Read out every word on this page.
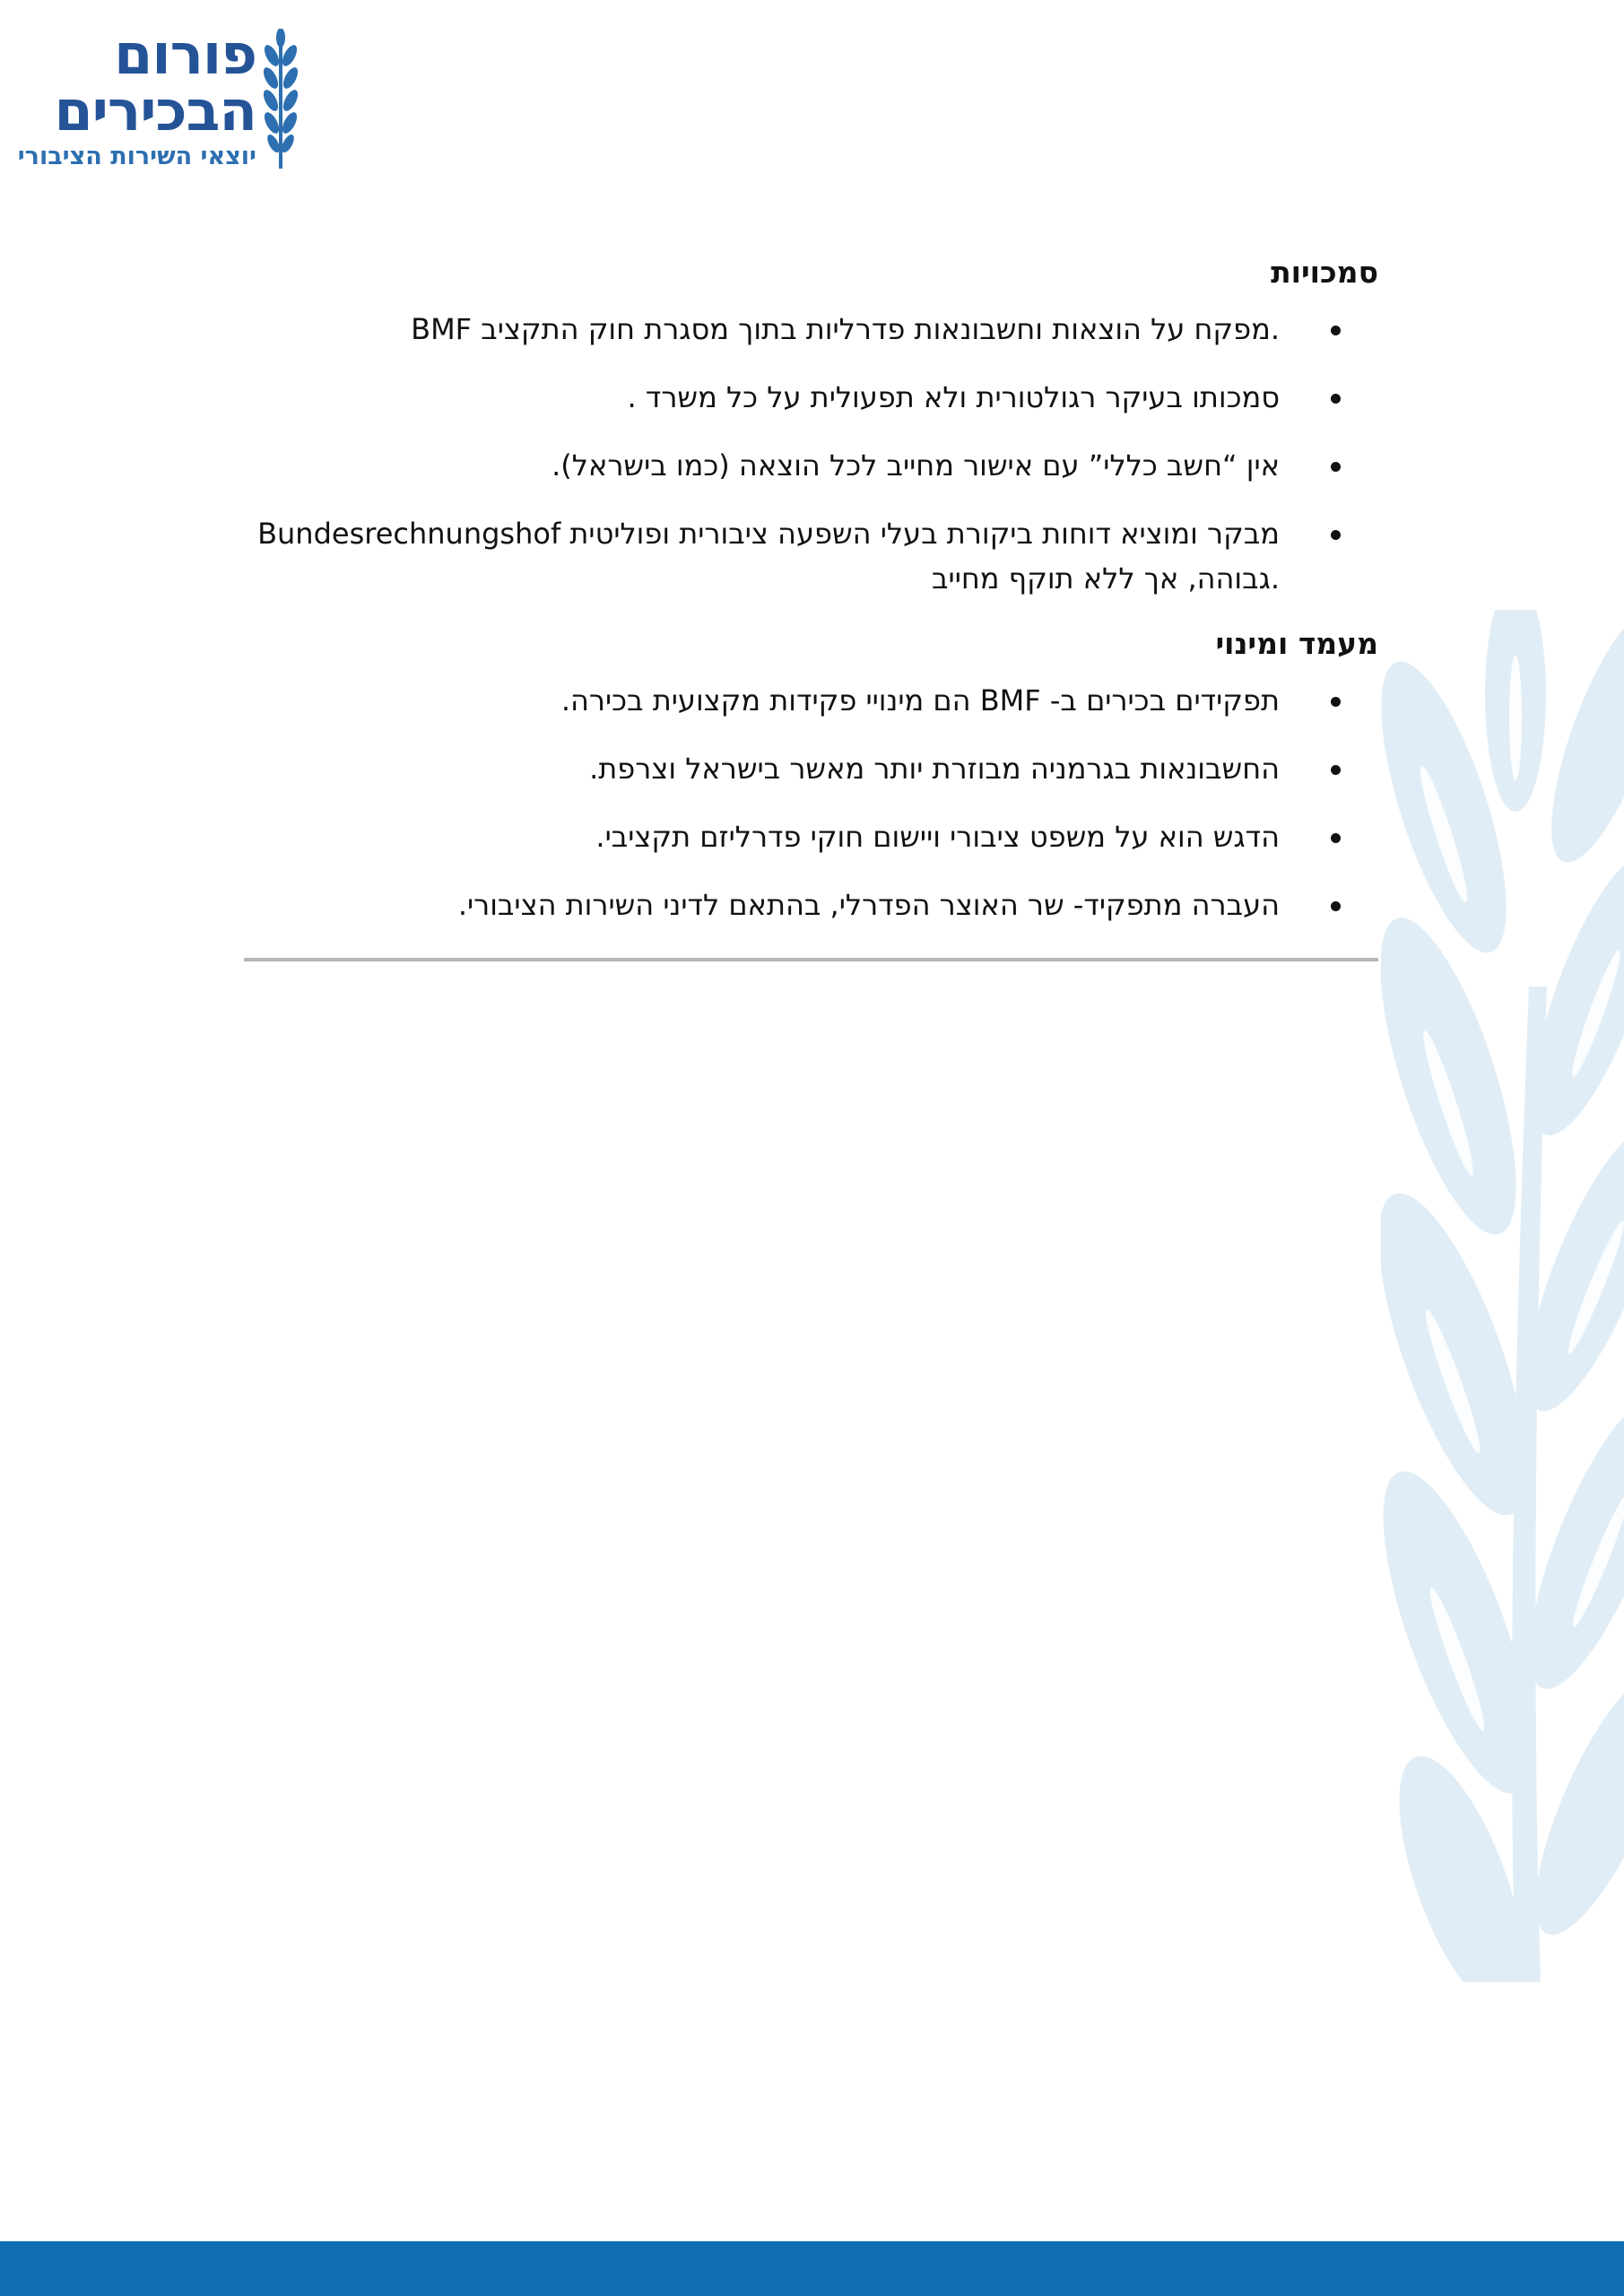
פורום
הבכירים
יוצאי השירות הציבורי
סמכויות
BMF מפקח על הוצאות וחשבונאות פדרליות בתוך מסגרת חוק התקציב.
סמכותו בעיקר רגולטורית ולא תפעולית על כל משרד .
אין “חשב כללי” עם אישור מחייב לכל הוצאה (כמו בישראל).
Bundesrechnungshof מבקר ומוציא דוחות ביקורת בעלי השפעה ציבורית ופוליטית גבוהה, אך ללא תוקף מחייב.
מעמד ומינוי
תפקידים בכירים ב- BMF הם מינויי פקידות מקצועית בכירה.
החשבונאות בגרמניה מבוזרת יותר מאשר בישראל וצרפת.
הדגש הוא על משפט ציבורי ויישום חוקי פדרליזם תקציבי.
העברה מתפקיד- שר האוצר הפדרלי, בהתאם לדיני השירות הציבורי.
